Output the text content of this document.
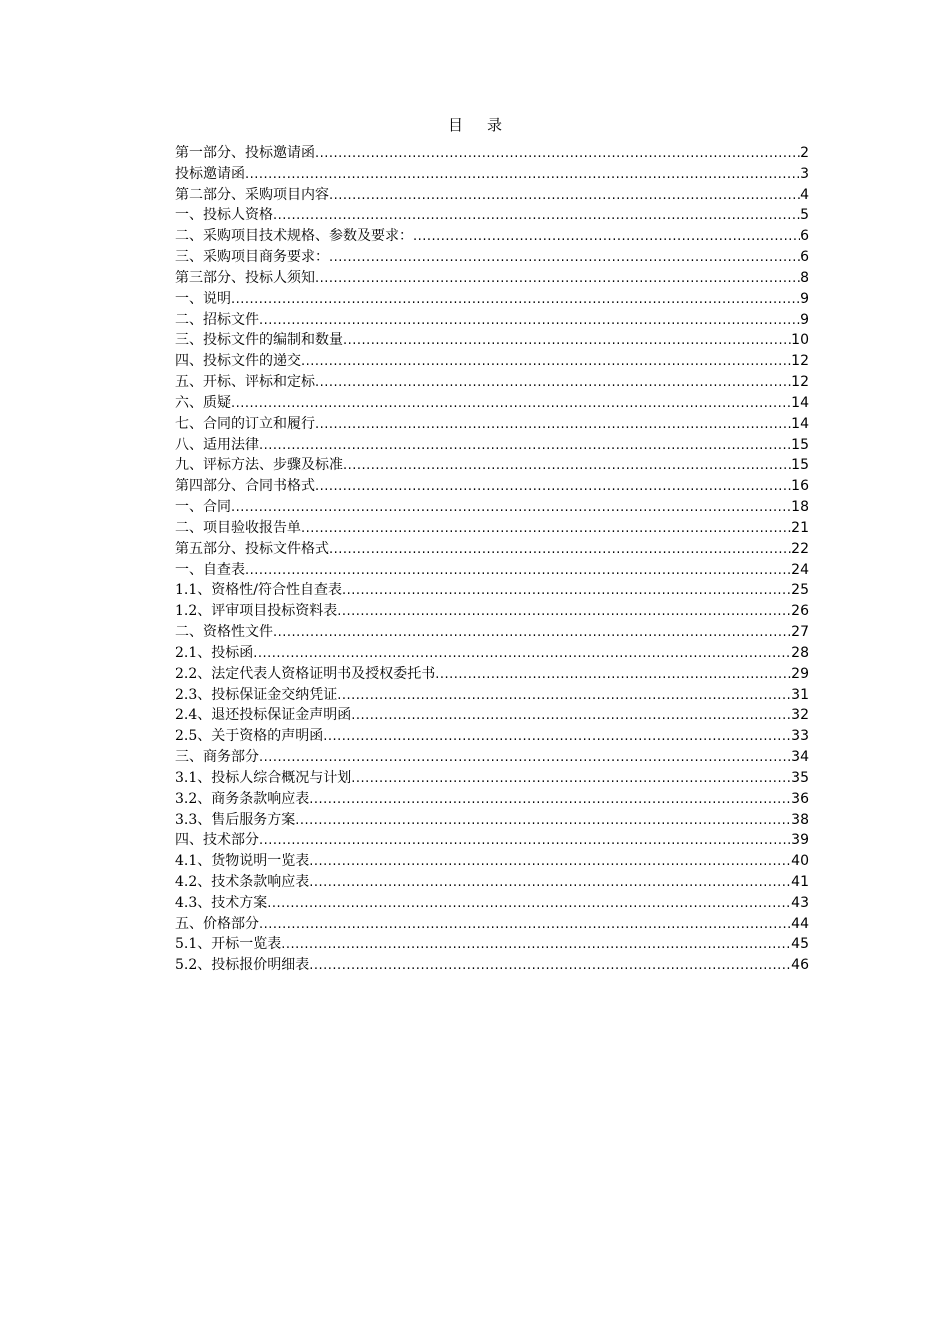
目 录
第一部分、投标邀请函 .....	2
投标邀请函 .....	3
第二部分、采购项目内容 .....	4
一、投标人资格 .....	5
二、采购项目技术规格、参数及要求： .....	6
三、采购项目商务要求： .....	6
第三部分、投标人须知 .....	8
一、说明 .....	9
二、招标文件 .....	9
三、投标文件的编制和数量 .....	10
四、投标文件的递交 .....	12
五、开标、评标和定标 .....	12
六、质疑 .....	14
七、合同的订立和履行 .....	14
八、适用法律 .....	15
九、评标方法、步骤及标准 .....	15
第四部分、合同书格式 .....	16
一、合同 .....	18
二、项目验收报告单 .....	21
第五部分、投标文件格式 .....	22
一、自查表 .....	24
1.1、资格性/符合性自查表 .....	25
1.2、评审项目投标资料表 .....	26
二、资格性文件 .....	27
2.1、投标函 .....	28
2.2、法定代表人资格证明书及授权委托书 .....	29
2.3、投标保证金交纳凭证 .....	31
2.4、退还投标保证金声明函 .....	32
2.5、关于资格的声明函 .....	33
三、商务部分 .....	34
3.1、投标人综合概况与计划 .....	35
3.2、商务条款响应表 .....	36
3.3、售后服务方案 .....	38
四、技术部分 .....	39
4.1、货物说明一览表 .....	40
4.2、技术条款响应表 .....	41
4.3、技术方案 .....	43
五、价格部分 .....	44
5.1、开标一览表 .....	45
5.2、投标报价明细表 .....	46
